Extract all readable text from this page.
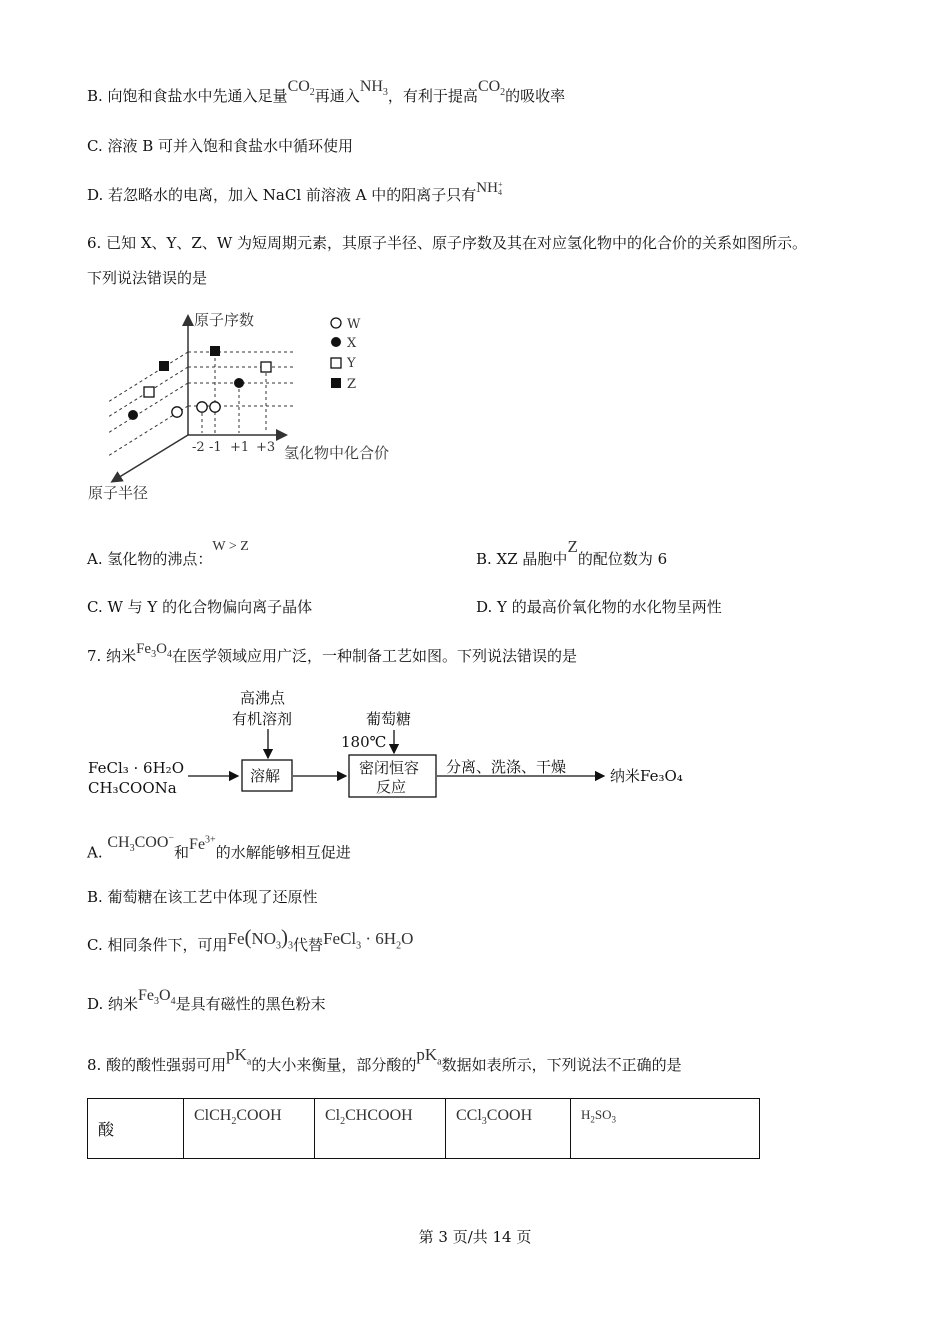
B. 向饱和食盐水中先通入足量$CO_2$再通入$NH_3$，有利于提高$CO_2$的吸收率
C. 溶液 B 可并入饱和食盐水中循环使用
D. 若忽略水的电离，加入 NaCl 前溶液 A 中的阳离子只有NH+
4
6. 已知 X、Y、Z、W 为短周期元素，其原子半径、原子序数及其在对应氢化物中的化合价的关系如图所示。
下列说法错误的是
原子序数
氢化物中化合价
原子半径
-2 -1 +1 +3
W
X
Y
Z
A. 氢化物的沸点：W > Z
B. XZ 晶胞中Z的配位数为 6
C. W 与 Y 的化合物偏向离子晶体	D. Y 的最高价氧化物的水化物呈两性
7. 纳米$Fe_3O_4$在医学领域应用广泛，一种制备工艺如图。下列说法错误的是
FeCl₃ · 6H₂O
CH₃COONa
高沸点
有机溶剂
溶解
葡萄糖
180℃
密闭恒容
反应
分离、洗涤、干燥	纳米Fe₃O₄
A. $CH_3COO^-$和$Fe^{3+}$的水解能够相互促进
B. 葡萄糖在该工艺中体现了还原性
C. 相同条件下，可用$Fe(NO_3)_3$代替FeCl$_3$ · $6H_2O$
D. 纳米$Fe_3O_4$是具有磁性的黑色粉末
8. 酸的酸性强弱可用$pK_a$的大小来衡量，部分酸的$pK_a$数据如表所示，下列说法不正确的是
酸	ClCH$_2$COOH	$Cl_2CHCOOH$	CCl$_3$COOH	$H_2SO_3$
第 3 页/共 14 页
